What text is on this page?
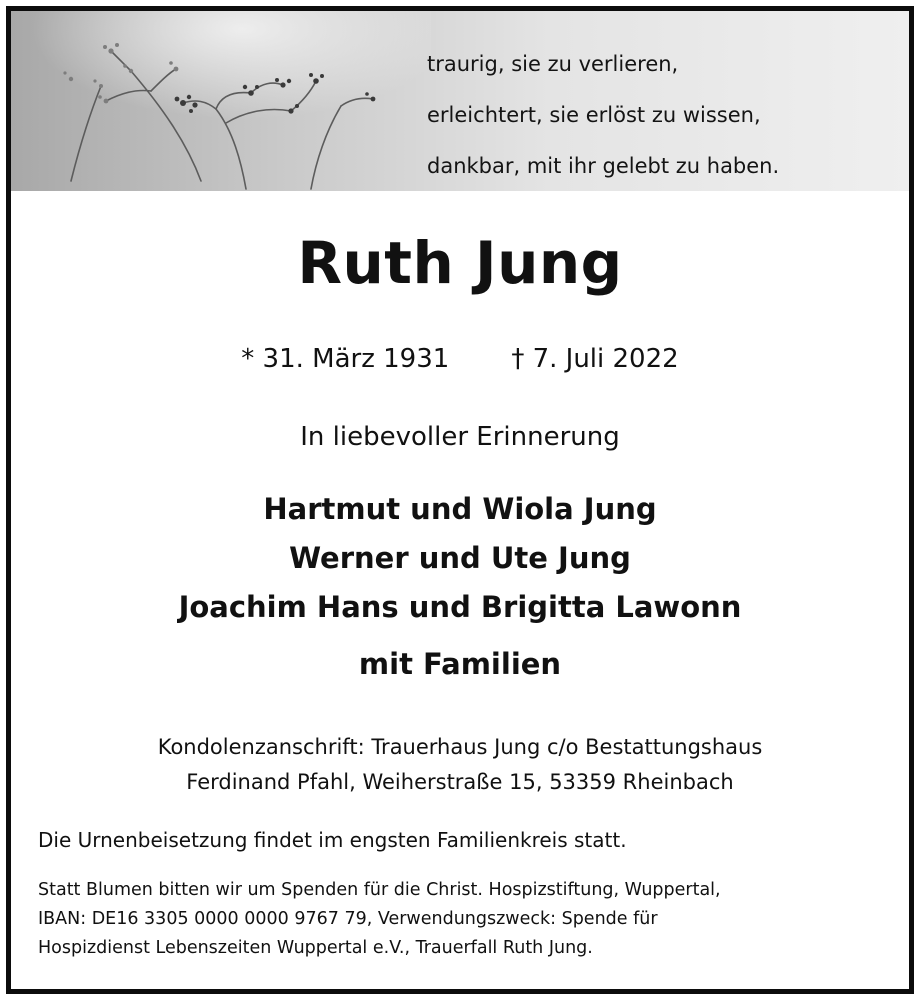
traurig, sie zu verlieren,
erleichtert, sie erlöst zu wissen,
dankbar, mit ihr gelebt zu haben.
Ruth Jung
* 31. März 1931 † 7. Juli 2022
In liebevoller Erinnerung
Hartmut und Wiola Jung
Werner und Ute Jung
Joachim Hans und Brigitta Lawonn
mit Familien
Kondolenzanschrift: Trauerhaus Jung c/o Bestattungshaus
Ferdinand Pfahl, Weiherstraße 15, 53359 Rheinbach
Die Urnenbeisetzung findet im engsten Familienkreis statt.
Statt Blumen bitten wir um Spenden für die Christ. Hospizstiftung, Wuppertal,
IBAN: DE16 3305 0000 0000 9767 79, Verwendungszweck: Spende für
Hospizdienst Lebenszeiten Wuppertal e.V., Trauerfall Ruth Jung.
